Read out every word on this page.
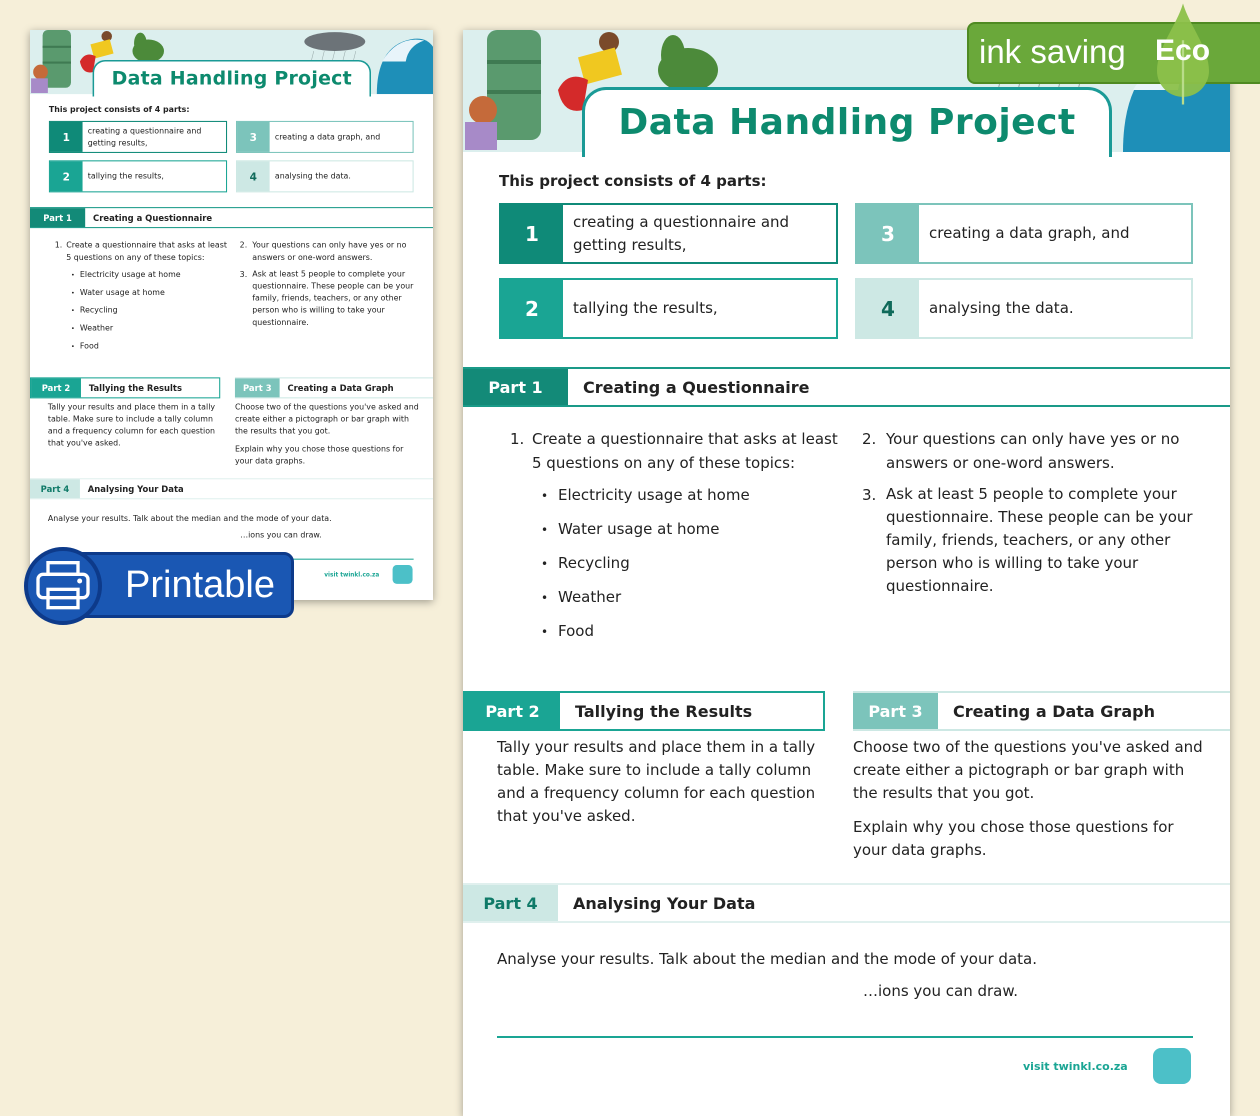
Data Handling Project
This project consists of 4 parts:
1	creating a questionnaire and getting results,
2	tallying the results,
3	creating a data graph, and
4	analysing the data.
Part 1	Creating a Questionnaire
1. Create a questionnaire that asks at least 5 questions on any of these topics:
• Electricity usage at home
• Water usage at home
• Recycling
• Weather
• Food
2. Your questions can only have yes or no answers or one-word answers.
3. Ask at least 5 people to complete your questionnaire. These people can be your family, friends, teachers, or any other person who is willing to take your questionnaire.
Part 2	Tallying the Results
Tally your results and place them in a tally table. Make sure to include a tally column and a frequency column for each question that you've asked.
Part 3 Creating a Data Graph
Choose two of the questions you've asked and create either a pictograph or bar graph with the results that you got.
Explain why you chose those questions for your data graphs.
Part 4	Analysing Your Data
Analyse your results. Talk about the median and the mode of your data.
…ions you can draw.
visit twinkl.co.za
Data Handling Project
This project consists of 4 parts:
1	creating a questionnaire and getting results,
2	tallying the results,
3	creating a data graph, and
4	analysing the data.
Part 1	Creating a Questionnaire
1. Create a questionnaire that asks at least 5 questions on any of these topics:
• Electricity usage at home
• Water usage at home
• Recycling
• Weather
• Food
2. Your questions can only have yes or no answers or one-word answers.
3. Ask at least 5 people to complete your questionnaire. These people can be your family, friends, teachers, or any other person who is willing to take your questionnaire.
Part 2	Tallying the Results
Tally your results and place them in a tally table. Make sure to include a tally column and a frequency column for each question that you've asked.
Part 3	Creating a Data Graph
Choose two of the questions you've asked and create either a pictograph or bar graph with the results that you got.
Explain why you chose those questions for your data graphs.
Part 4	Analysing Your Data
Analyse your results. Talk about the median and the mode of your data.
…ions you can draw.
visit twinkl.co.za
Printable
ink saving Eco
